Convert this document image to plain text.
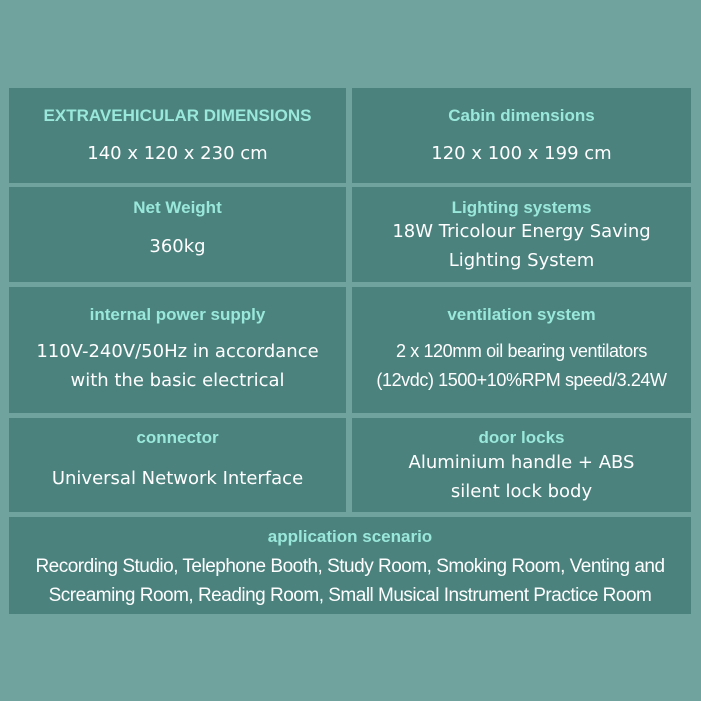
EXTRAVEHICULAR DIMENSIONS
140 x 120 x 230 cm
Cabin dimensions
120 x 100 x 199 cm
Net Weight
360kg
Lighting systems
18W Tricolour Energy Saving
Lighting System
internal power supply
110V-240V/50Hz in accordance
with the basic electrical
ventilation system
2 x 120mm oil bearing ventilators
(12vdc) 1500+10%RPM speed/3.24W
connector
Universal Network Interface
door locks
Aluminium handle + ABS
silent lock body
application scenario
Recording Studio, Telephone Booth, Study Room, Smoking Room, Venting and
Screaming Room, Reading Room, Small Musical Instrument Practice Room
